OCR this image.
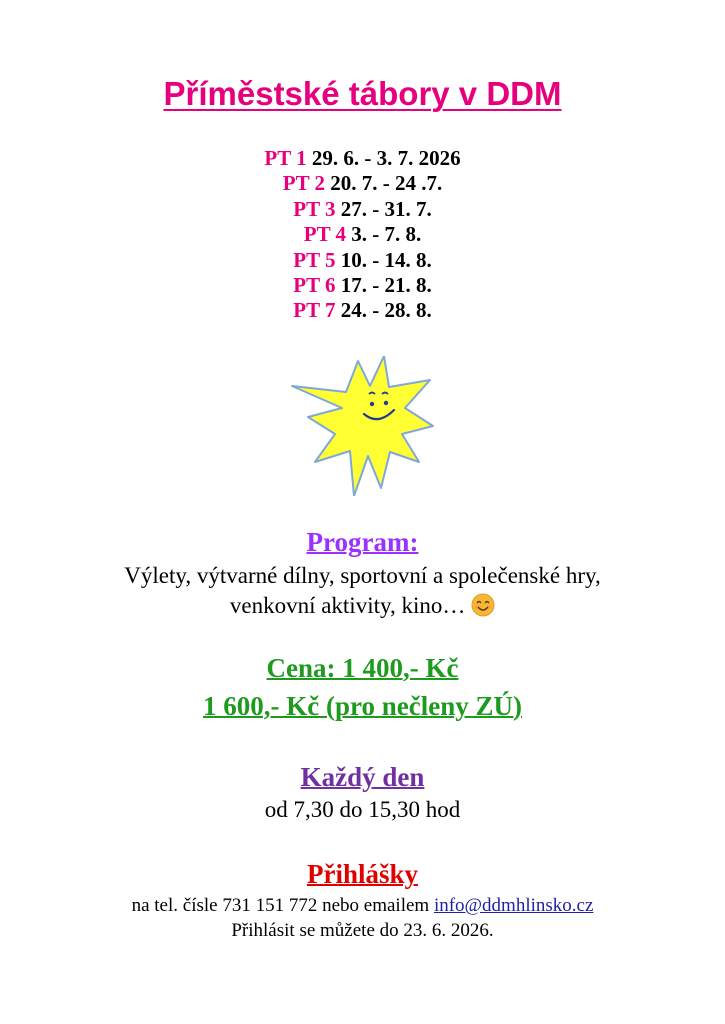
Příměstské tábory v DDM
PT 1 29. 6. - 3. 7. 2026
PT 2 20. 7. - 24 .7.
PT 3 27. - 31. 7.
PT 4 3. - 7. 8.
PT 5 10. - 14. 8.
PT 6 17. - 21. 8.
PT 7 24. - 28. 8.
Program:
Výlety, výtvarné dílny, sportovní a společenské hry,
venkovní aktivity, kino…
Cena: 1 400,- Kč
1 600,- Kč (pro nečleny ZÚ)
Každý den
od 7,30 do 15,30 hod
Přihlášky
na tel. čísle 731 151 772 nebo emailem info@ddmhlinsko.cz
Přihlásit se můžete do 23. 6. 2026.
